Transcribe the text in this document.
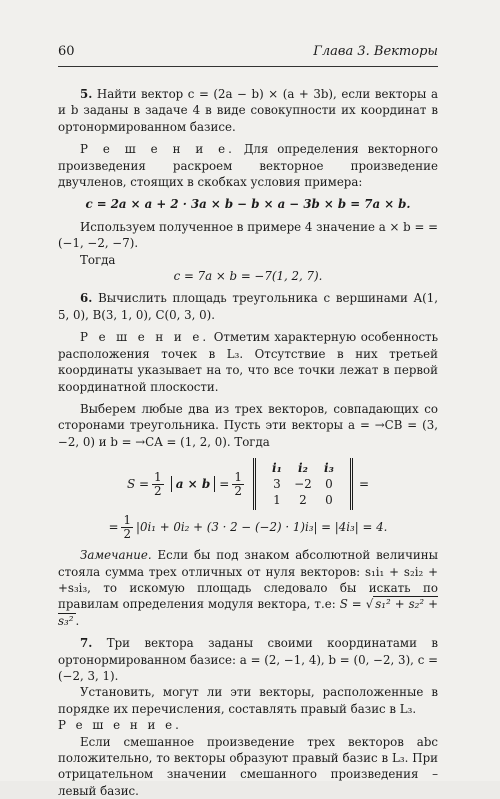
60	Глава 3. Векторы

5. Найти вектор c = (2a − b) × (a + 3b), если векторы a и b заданы в задаче 4 в виде совокупности их координат в ортонормированном базисе.

Р е ш е н и е. Для определения векторного произведения раскроем векторное произведение двучленов, стоящих в скобках условия примера:

c = 2a × a + 2 · 3a × b − b × a − 3b × b = 7a × b.

Используем полученное в примере 4 значение a × b = = (−1, −2, −7).

Тогда

c = 7a × b = −7(1, 2, 7).

6. Вычислить площадь треугольника с вершинами A(1, 5, 0), B(3, 1, 0), C(0, 3, 0).

Р е ш е н и е. Отметим характерную особенность расположения точек в L₃. Отсутствие в них третьей координаты указывает на то, что все точки лежат в первой координатной плоскости.

Выберем любые два из трех векторов, совпадающих со сторонами треугольника. Пусть эти векторы a = →CB = (3, −2, 0) и b = →CA = (1, 2, 0). Тогда

$S = \frac{1}{2}$	$a \times b = \frac{1}{2}$
i₁	i₂	i₃
3	−2	0
1	2	0
=
= $\frac{1}{2} |0i_1 + 0i_2 + (3 \cdot 2 - (-2) \cdot 1)i_3| = |4i_3| = 4$.

Замечание. Если бы под знаком абсолютной величины стояла сумма трех отличных от нуля векторов: s₁i₁ + s₂i₂ + +s₃i₃, то искомую площадь следовало бы искать по правилам определения модуля вектора, т.е: S = √ s₁² + s₂² + s₃² .

7. Три вектора заданы своими координатами в ортонормированном базисе: a = (2, −1, 4), b = (0, −2, 3), c = (−2, 3, 1).

Установить, могут ли эти векторы, расположенные в порядке их перечисления, составлять правый базис в L₃.

Р е ш е н и е.

Если смешанное произведение трех векторов abc положительно, то векторы образуют правый базис в L₃. При отрицательном значении смешанного произведения – левый базис.
